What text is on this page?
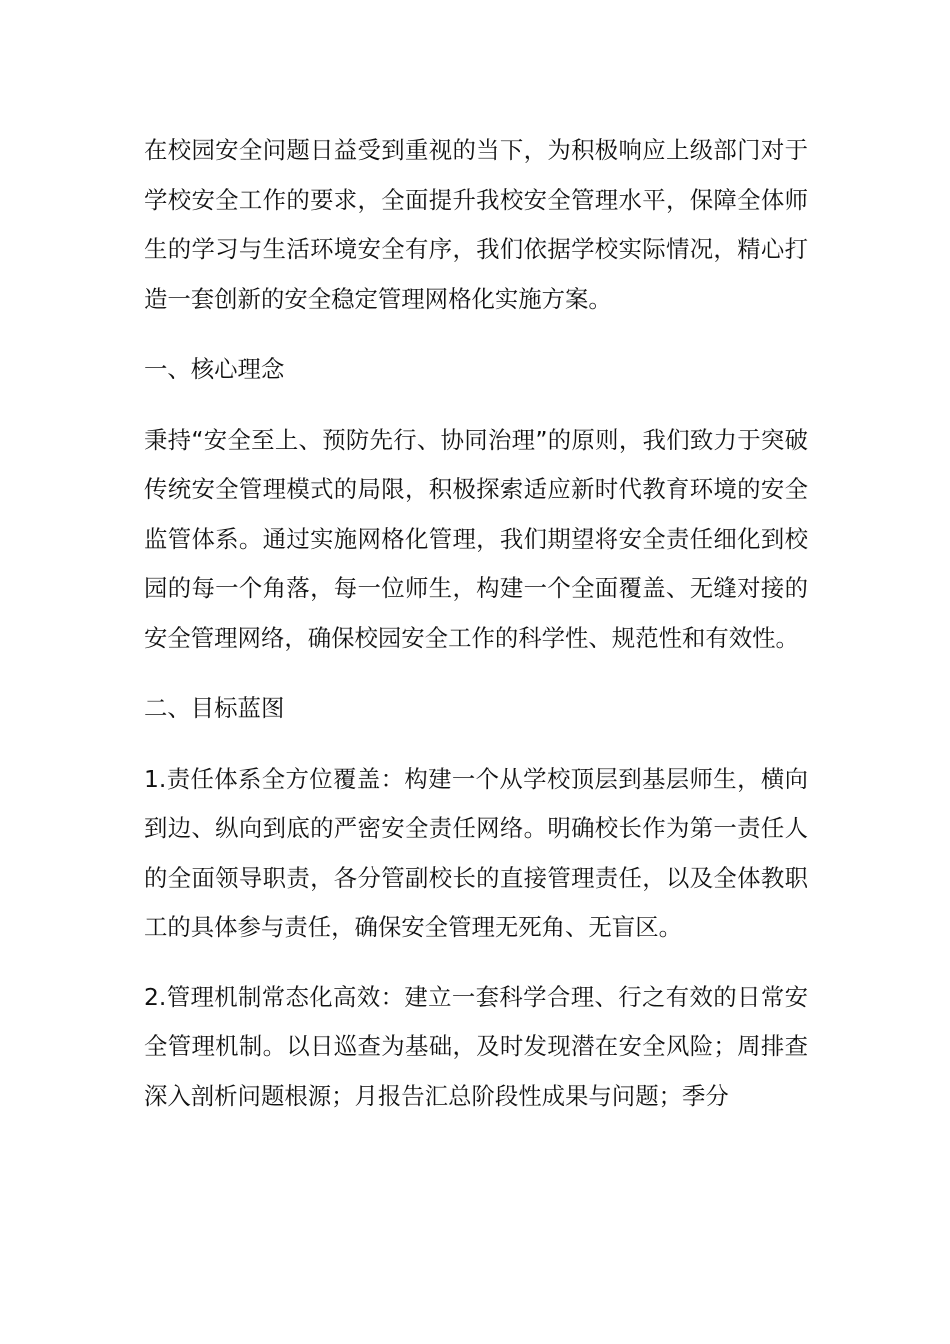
在校园安全问题日益受到重视的当下，为积极响应上级部门对于学校安全工作的要求，全面提升我校安全管理水平，保障全体师生的学习与生活环境安全有序，我们依据学校实际情况，精心打造一套创新的安全稳定管理网格化实施方案。

一、核心理念

秉持“安全至上、预防先行、协同治理”的原则，我们致力于突破传统安全管理模式的局限，积极探索适应新时代教育环境的安全监管体系。通过实施网格化管理，我们期望将安全责任细化到校园的每一个角落，每一位师生，构建一个全面覆盖、无缝对接的安全管理网络，确保校园安全工作的科学性、规范性和有效性。

二、目标蓝图

1.责任体系全方位覆盖：构建一个从学校顶层到基层师生，横向到边、纵向到底的严密安全责任网络。明确校长作为第一责任人的全面领导职责，各分管副校长的直接管理责任，以及全体教职工的具体参与责任，确保安全管理无死角、无盲区。

2.管理机制常态化高效：建立一套科学合理、行之有效的日常安全管理机制。以日巡查为基础，及时发现潜在安全风险；周排查深入剖析问题根源；月报告汇总阶段性成果与问题；季分
